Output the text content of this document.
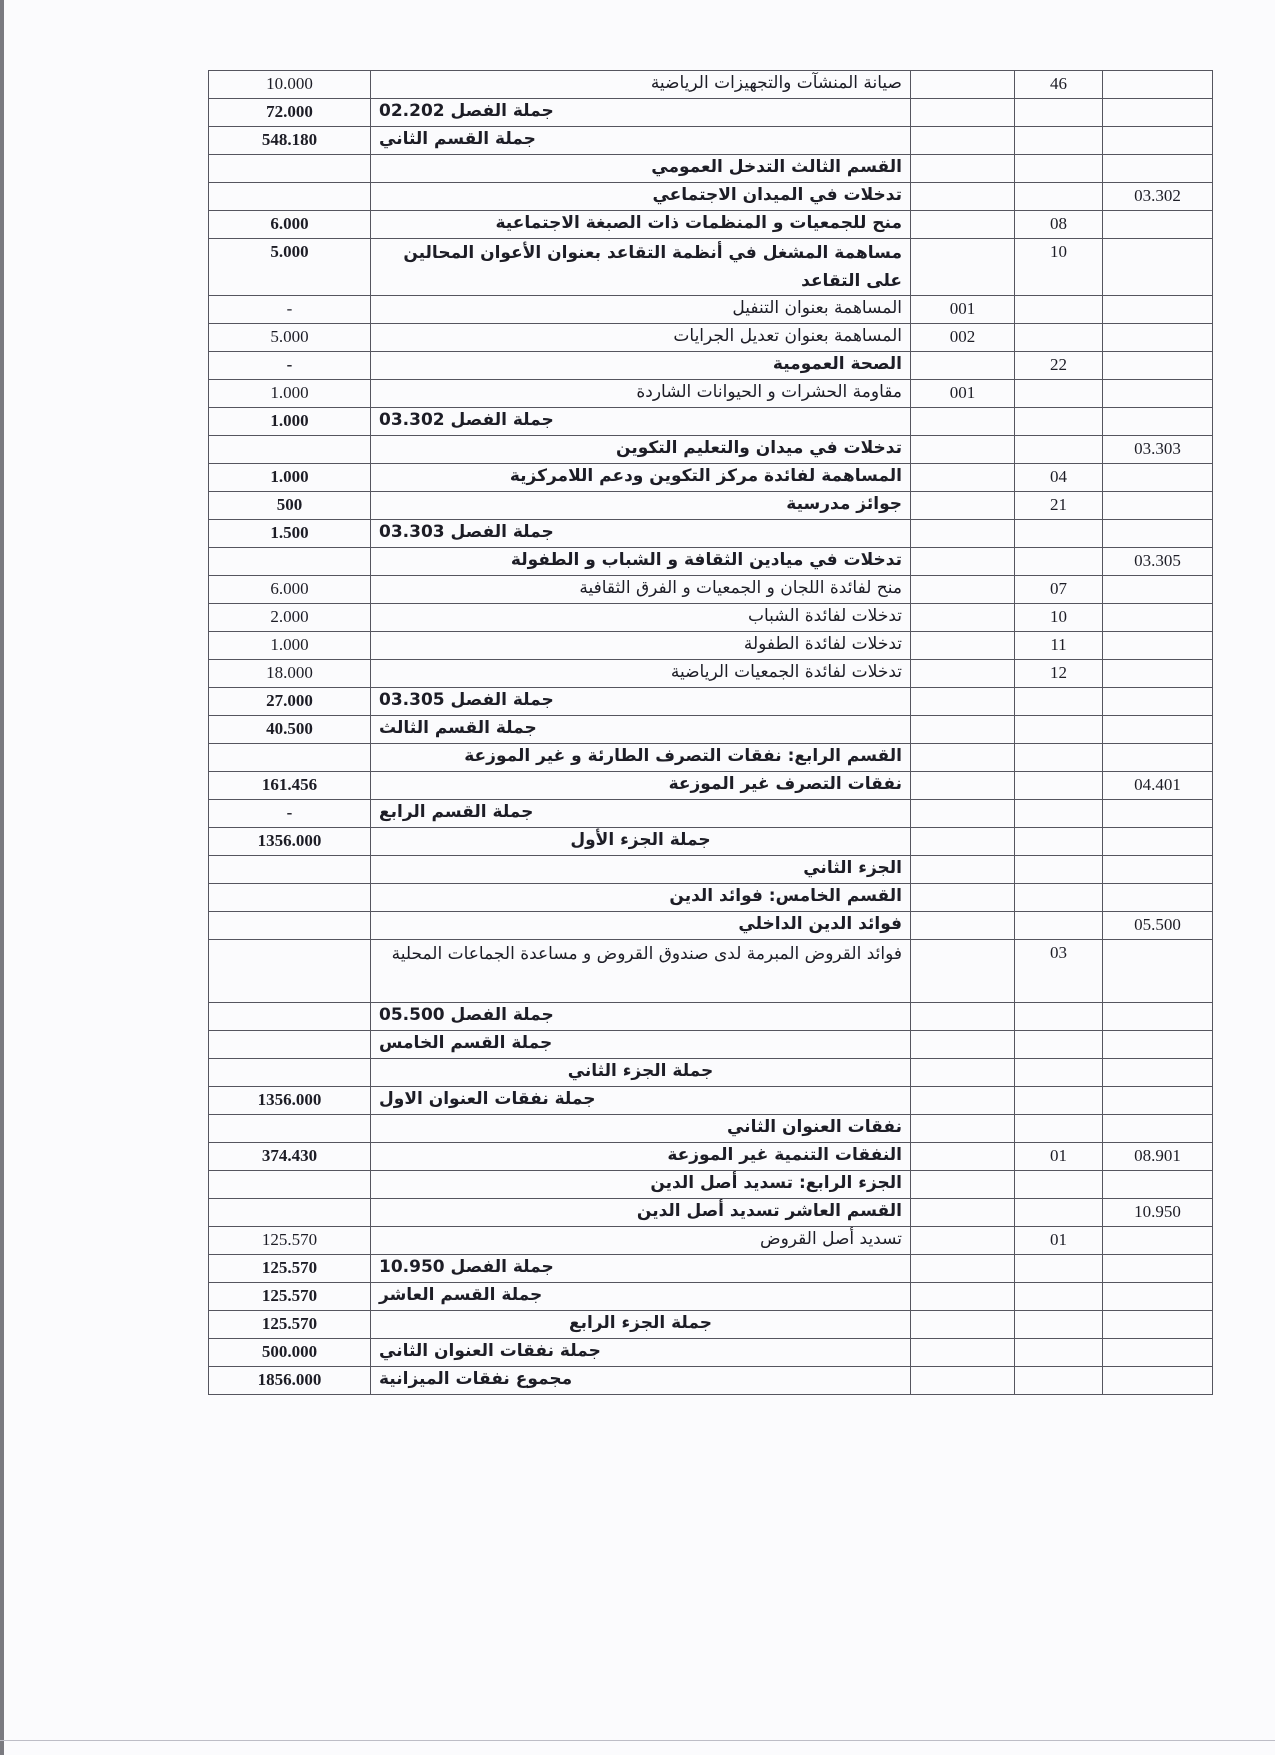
10.000	صيانة المنشآت والتجهيزات الرياضية		46	
72.000	جملة الفصل 02.202			

548.180	جملة القسم الثاني			

	القسم الثالث التدخل العمومي			

	تدخلات في الميدان الاجتماعي			03.302
6.000	منح للجمعيات و المنظمات ذات الصبغة الاجتماعية		08	
5.000	مساهمة المشغل في أنظمة التقاعد بعنوان الأعوان المحالين على التقاعد		10	
-	المساهمة بعنوان التنفيل	001		
5.000	المساهمة بعنوان تعديل الجرايات	002		
-	الصحة العمومية		22	
1.000	مقاومة الحشرات و الحيوانات الشاردة	001		
1.000	جملة الفصل 03.302			

	تدخلات في ميدان والتعليم التكوين			03.303
1.000	المساهمة لفائدة مركز التكوين ودعم اللامركزية		04	
500	جوائز مدرسية		21	
1.500	جملة الفصل 03.303			

	تدخلات في ميادين الثقافة و الشباب و الطفولة			03.305
6.000	منح لفائدة اللجان و الجمعيات و الفرق الثقافية		07	
2.000	تدخلات لفائدة الشباب		10	
1.000	تدخلات لفائدة الطفولة		11	
18.000	تدخلات لفائدة الجمعيات الرياضية		12	
27.000	جملة الفصل 03.305			

40.500	جملة القسم الثالث			

	القسم الرابع: نفقات التصرف الطارئة و غير الموزعة			

161.456	نفقات التصرف غير الموزعة			04.401
-	جملة القسم الرابع			

1356.000	جملة الجزء الأول			

	الجزء الثاني			

	القسم الخامس: فوائد الدين			

	فوائد الدين الداخلي			05.500

	فوائد القروض المبرمة لدى صندوق القروض و مساعدة الجماعات المحلية		03	

	جملة الفصل 05.500			

	جملة القسم الخامس			

	جملة الجزء الثاني			

1356.000	جملة نفقات العنوان الاول			

	نفقات العنوان الثاني			

374.430	النفقات التنمية غير الموزعة		01	08.901

	الجزء الرابع: تسديد أصل الدين			

	القسم العاشر تسديد أصل الدين			10.950
125.570	تسديد أصل القروض		01	
125.570	جملة الفصل 10.950			

125.570	جملة القسم العاشر			

125.570	جملة الجزء الرابع			

500.000	جملة نفقات العنوان الثاني			

1856.000	مجموع نفقات الميزانية			
